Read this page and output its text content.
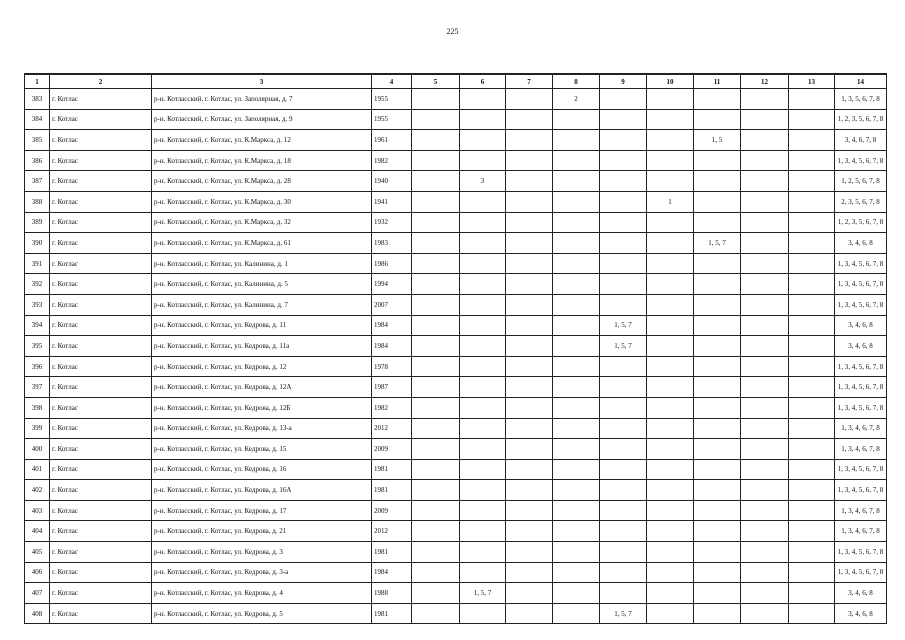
225
1	2	3	4	5	6	7	8	9	10	11	12	13	14
383	г. Котлас	р-н. Котласский, г. Котлас, ул. Заполярная, д. 7	1955				2						1, 3, 5, 6, 7, 8
384	г. Котлас	р-н. Котласский, г. Котлас, ул. Заполярная, д. 9	1955										1, 2, 3, 5, 6, 7, 8
385	г. Котлас	р-н. Котласский, г. Котлас, ул. К.Маркса, д. 12	1961							1, 5			3, 4, 6, 7, 8
386	г. Котлас	р-н. Котласский, г. Котлас, ул. К.Маркса, д. 18	1982										1, 3, 4, 5, 6, 7, 8
387	г. Котлас	р-н. Котласский, г. Котлас, ул. К.Маркса, д. 28	1940		3								1, 2, 5, 6, 7, 8
388	г. Котлас	р-н. Котласский, г. Котлас, ул. К.Маркса, д. 30	1941						1				2, 3, 5, 6, 7, 8
389	г. Котлас	р-н. Котласский, г. Котлас, ул. К.Маркса, д. 32	1932										1, 2, 3, 5, 6, 7, 8
390	г. Котлас	р-н. Котласский, г. Котлас, ул. К.Маркса, д. 61	1983							1, 5, 7			3, 4, 6, 8
391	г. Котлас	р-н. Котласский, г. Котлас, ул. Калинина, д. 1	1986										1, 3, 4, 5, 6, 7, 8
392	г. Котлас	р-н. Котласский, г. Котлас, ул. Калинина, д. 5	1994										1, 3, 4, 5, 6, 7, 8
393	г. Котлас	р-н. Котласский, г. Котлас, ул. Калинина, д. 7	2007										1, 3, 4, 5, 6, 7, 8
394	г. Котлас	р-н. Котласский, г. Котлас, ул. Кедрова, д. 11	1984					1, 5, 7					3, 4, 6, 8
395	г. Котлас	р-н. Котласский, г. Котлас, ул. Кедрова, д. 11а	1984					1, 5, 7					3, 4, 6, 8
396	г. Котлас	р-н. Котласский, г. Котлас, ул. Кедрова, д. 12	1978										1, 3, 4, 5, 6, 7, 8
397	г. Котлас	р-н. Котласский, г. Котлас, ул. Кедрова, д. 12А	1987										1, 3, 4, 5, 6, 7, 8
398	г. Котлас	р-н. Котласский, г. Котлас, ул. Кедрова, д. 12Б	1982										1, 3, 4, 5, 6, 7, 8
399	г. Котлас	р-н. Котласский, г. Котлас, ул. Кедрова, д. 13-а	2012										1, 3, 4, 6, 7, 8
400	г. Котлас	р-н. Котласский, г. Котлас, ул. Кедрова, д. 15	2009										1, 3, 4, 6, 7, 8
401	г. Котлас	р-н. Котласский, г. Котлас, ул. Кедрова, д. 16	1981										1, 3, 4, 5, 6, 7, 8
402	г. Котлас	р-н. Котласский, г. Котлас, ул. Кедрова, д. 16А	1981										1, 3, 4, 5, 6, 7, 8
403	г. Котлас	р-н. Котласский, г. Котлас, ул. Кедрова, д. 17	2009										1, 3, 4, 6, 7, 8
404	г. Котлас	р-н. Котласский, г. Котлас, ул. Кедрова, д. 21	2012										1, 3, 4, 6, 7, 8
405	г. Котлас	р-н. Котласский, г. Котлас, ул. Кедрова, д. 3	1981										1, 3, 4, 5, 6, 7, 8
406	г. Котлас	р-н. Котласский, г. Котлас, ул. Кедрова, д. 3-а	1984										1, 3, 4, 5, 6, 7, 8
407	г. Котлас	р-н. Котласский, г. Котлас, ул. Кедрова, д. 4	1988		1, 5, 7								3, 4, 6, 8
408	г. Котлас	р-н. Котласский, г. Котлас, ул. Кедрова, д. 5	1981					1, 5, 7					3, 4, 6, 8
